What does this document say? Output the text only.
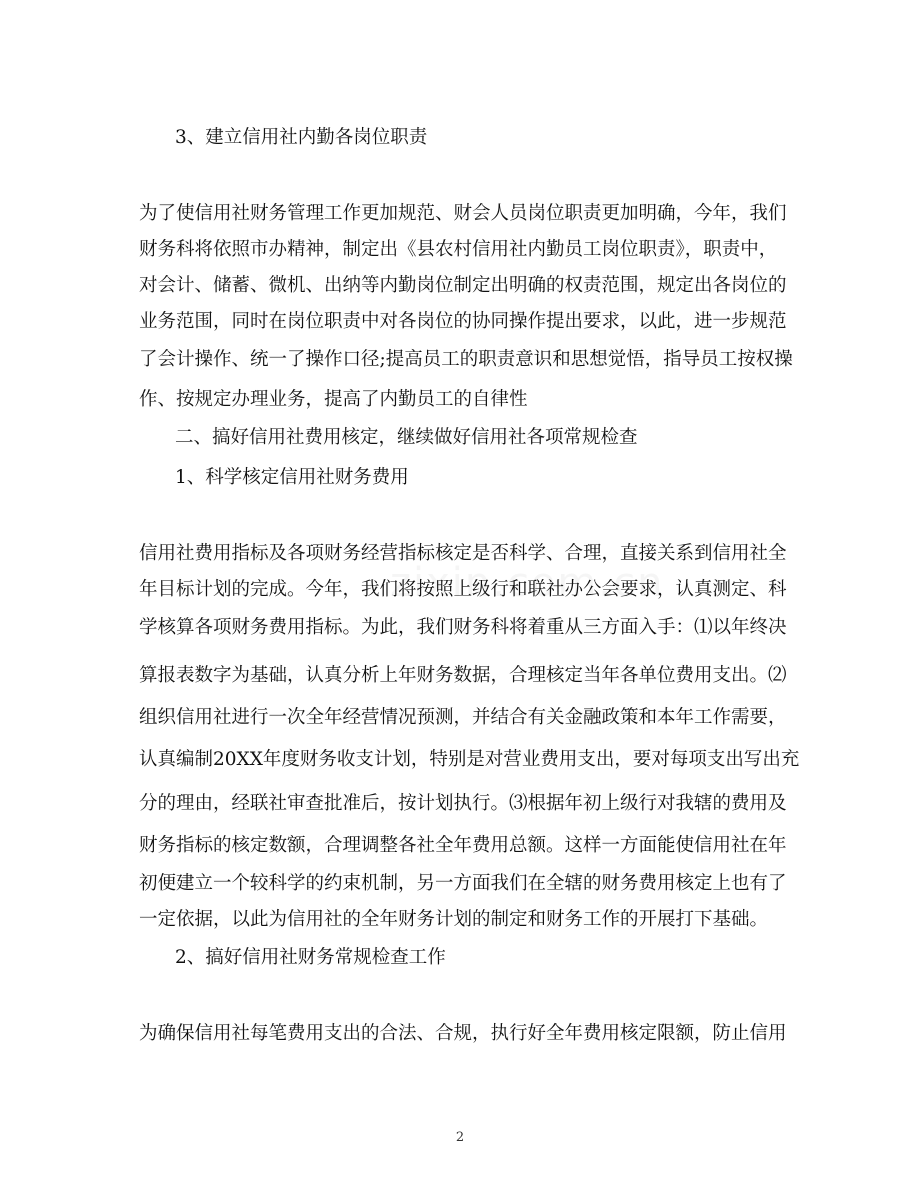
3、建立信用社内勤各岗位职责
为了使信用社财务管理工作更加规范、财会人员岗位职责更加明确，今年，我们
财务科将依照市办精神，制定出《县农村信用社内勤员工岗位职责》，职责中，
对会计、储蓄、微机、出纳等内勤岗位制定出明确的权责范围，规定出各岗位的
业务范围，同时在岗位职责中对各岗位的协同操作提出要求，以此，进一步规范
了会计操作、统一了操作口径;提高员工的职责意识和思想觉悟，指导员工按权操
作、按规定办理业务，提高了内勤员工的自律性
二、搞好信用社费用核定，继续做好信用社各项常规检查
1、科学核定信用社财务费用
信用社费用指标及各项财务经营指标核定是否科学、合理，直接关系到信用社全
年目标计划的完成。今年，我们将按照上级行和联社办公会要求，认真测定、科
学核算各项财务费用指标。为此，我们财务科将着重从三方面入手：⑴以年终决
算报表数字为基础，认真分析上年财务数据，合理核定当年各单位费用支出。⑵
组织信用社进行一次全年经营情况预测，并结合有关金融政策和本年工作需要，
认真编制20XX年度财务收支计划，特别是对营业费用支出，要对每项支出写出充
分的理由，经联社审查批准后，按计划执行。⑶根据年初上级行对我辖的费用及
财务指标的核定数额，合理调整各社全年费用总额。这样一方面能使信用社在年
初便建立一个较科学的约束机制，另一方面我们在全辖的财务费用核定上也有了
一定依据，以此为信用社的全年财务计划的制定和财务工作的开展打下基础。
2、搞好信用社财务常规检查工作
为确保信用社每笔费用支出的合法、合规，执行好全年费用核定限额，防止信用
2
